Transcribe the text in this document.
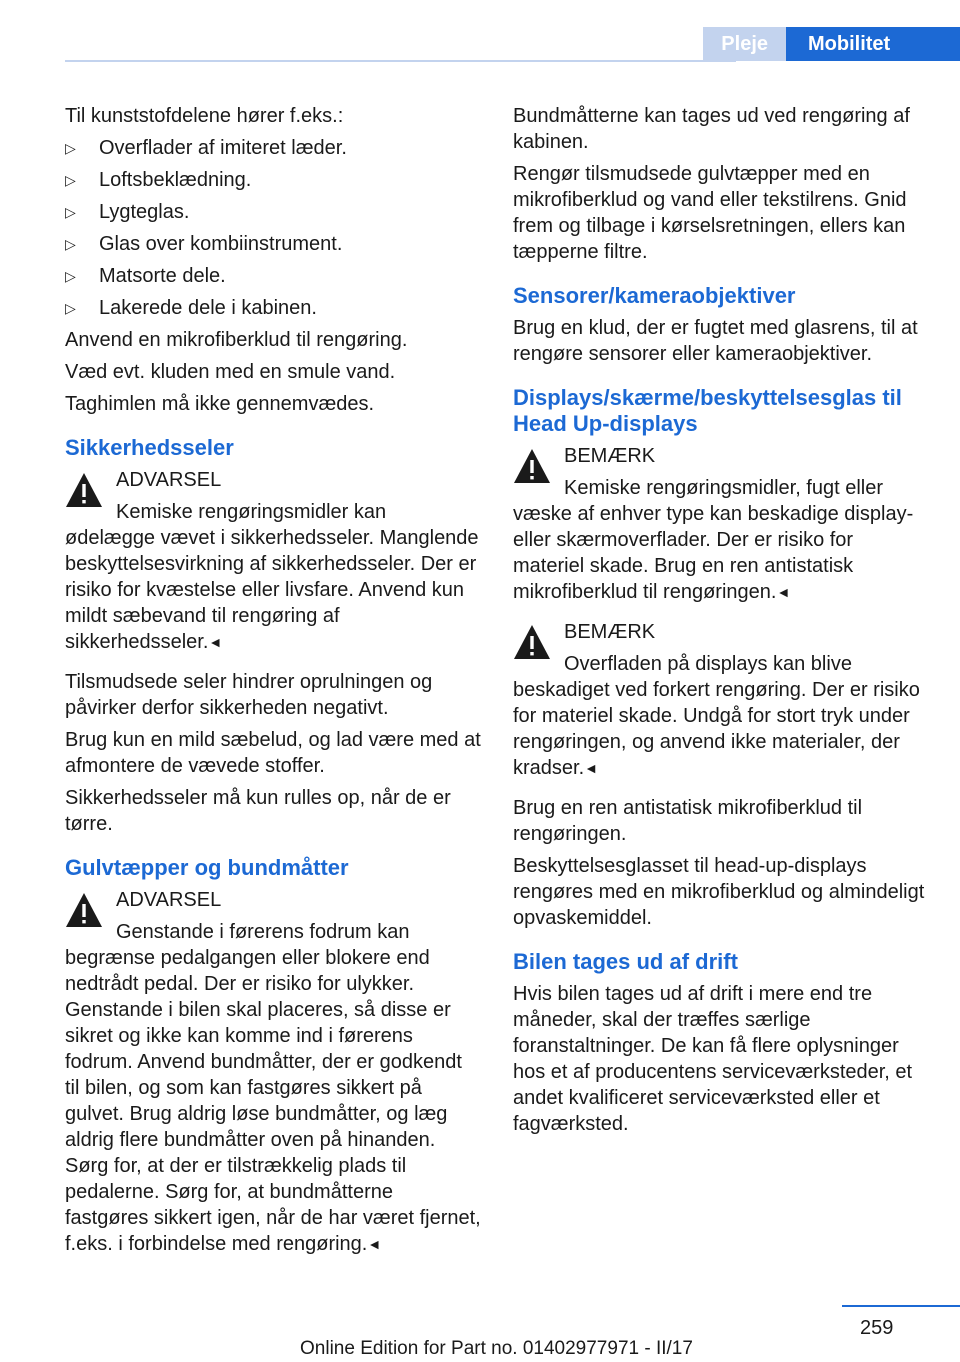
Pleje	Mobilitet

Til kunststofdelene hører f.eks.:

▷ Overflader af imiteret læder.
▷ Loftsbeklædning.
▷ Lygteglas.
▷ Glas over kombiinstrument.
▷ Matsorte dele.
▷ Lakerede dele i kabinen.

Anvend en mikrofiberklud til rengøring.

Væd evt. kluden med en smule vand.

Taghimlen må ikke gennemvædes.

Sikkerhedsseler
ADVARSEL
Kemiske rengøringsmidler kan ødelægge vævet i sikkerhedsseler. Manglende beskyttelsesvirkning af sikkerhedsseler. Der er risiko for kvæstelse eller livsfare. Anvend kun mildt sæbevand til rengøring af sikkerhedsseler.◄

Tilsmudsede seler hindrer oprulningen og påvirker derfor sikkerheden negativt.

Brug kun en mild sæbelud, og lad være med at afmontere de vævede stoffer.

Sikkerhedsseler må kun rulles op, når de er tørre.

Gulvtæpper og bundmåtter
ADVARSEL
Genstande i førerens fodrum kan begrænse pedalgangen eller blokere end nedtrådt pedal. Der er risiko for ulykker. Genstande i bilen skal placeres, så disse er sikret og ikke kan komme ind i førerens fodrum. Anvend bundmåtter, der er godkendt til bilen, og som kan fastgøres sikkert på gulvet. Brug aldrig løse bundmåtter, og læg aldrig flere bundmåtter oven på hinanden. Sørg for, at der er tilstrækkelig plads til pedalerne. Sørg for, at bundmåtterne fastgøres sikkert igen, når de har været fjernet, f.eks. i forbindelse med rengøring.◄

Bundmåtterne kan tages ud ved rengøring af kabinen.

Rengør tilsmudsede gulvtæpper med en mikrofiberklud og vand eller tekstilrens. Gnid frem og tilbage i kørselsretningen, ellers kan tæpperne filtre.

Sensorer/kameraobjektiver

Brug en klud, der er fugtet med glasrens, til at rengøre sensorer eller kameraobjektiver.

Displays/skærme/beskyttelsesglas til Head Up-displays
BEMÆRK
Kemiske rengøringsmidler, fugt eller væske af enhver type kan beskadige display- eller skærmoverflader. Der er risiko for materiel skade. Brug en ren antistatisk mikrofiberklud til rengøringen.◄
BEMÆRK
Overfladen på displays kan blive beskadiget ved forkert rengøring. Der er risiko for materiel skade. Undgå for stort tryk under rengøringen, og anvend ikke materialer, der kradser.◄

Brug en ren antistatisk mikrofiberklud til rengøringen.

Beskyttelsesglasset til head-up-displays rengøres med en mikrofiberklud og almindeligt opvaskemiddel.

Bilen tages ud af drift

Hvis bilen tages ud af drift i mere end tre måneder, skal der træffes særlige foranstaltninger. De kan få flere oplysninger hos et af producentens serviceværksteder, et andet kvalificeret serviceværksted eller et fagværksted.

259
Online Edition for Part no. 01402977971 - II/17
